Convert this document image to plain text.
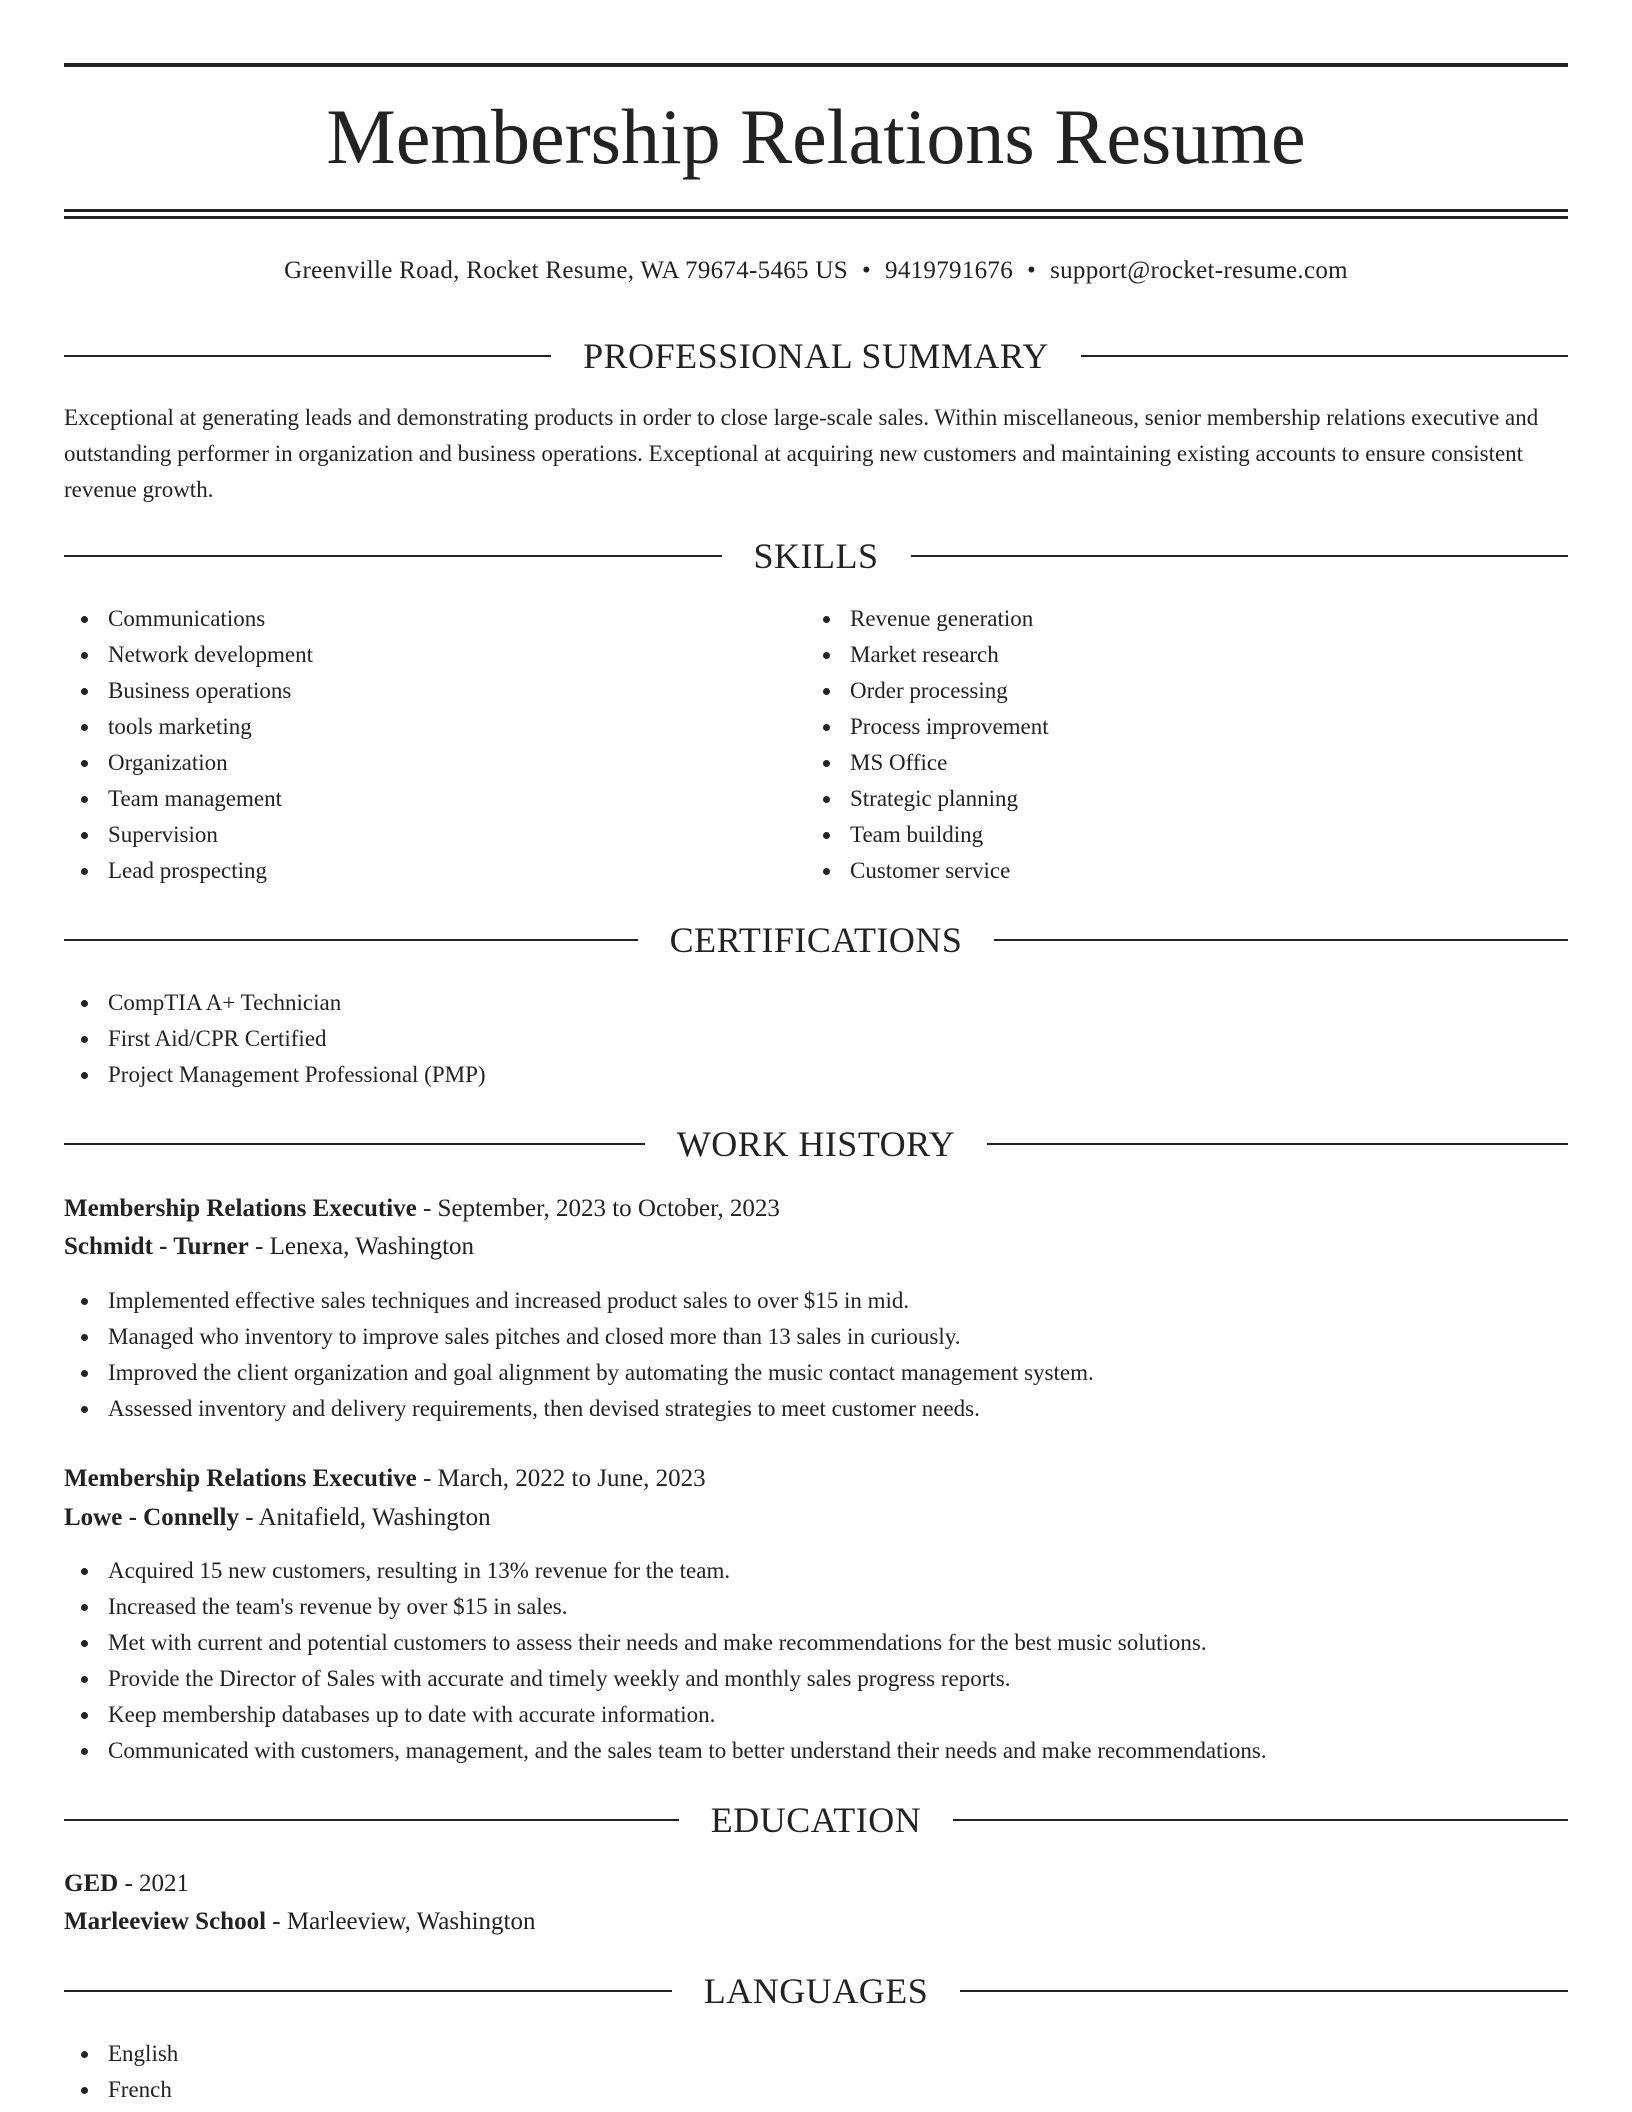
Membership Relations Resume
Greenville Road, Rocket Resume, WA 79674-5465 US • 9419791676 • support@rocket-resume.com
PROFESSIONAL SUMMARY
Exceptional at generating leads and demonstrating products in order to close large-scale sales. Within miscellaneous, senior membership relations executive and outstanding performer in organization and business operations. Exceptional at acquiring new customers and maintaining existing accounts to ensure consistent revenue growth.
SKILLS
Communications
Network development
Business operations
tools marketing
Organization
Team management
Supervision
Lead prospecting
Revenue generation
Market research
Order processing
Process improvement
MS Office
Strategic planning
Team building
Customer service
CERTIFICATIONS
CompTIA A+ Technician
First Aid/CPR Certified
Project Management Professional (PMP)
WORK HISTORY
Membership Relations Executive - September, 2023 to October, 2023
Schmidt - Turner - Lenexa, Washington
Implemented effective sales techniques and increased product sales to over $15 in mid.
Managed who inventory to improve sales pitches and closed more than 13 sales in curiously.
Improved the client organization and goal alignment by automating the music contact management system.
Assessed inventory and delivery requirements, then devised strategies to meet customer needs.
Membership Relations Executive - March, 2022 to June, 2023
Lowe - Connelly - Anitafield, Washington
Acquired 15 new customers, resulting in 13% revenue for the team.
Increased the team's revenue by over $15 in sales.
Met with current and potential customers to assess their needs and make recommendations for the best music solutions.
Provide the Director of Sales with accurate and timely weekly and monthly sales progress reports.
Keep membership databases up to date with accurate information.
Communicated with customers, management, and the sales team to better understand their needs and make recommendations.
EDUCATION
GED - 2021
Marleeview School - Marleeview, Washington
LANGUAGES
English
French
